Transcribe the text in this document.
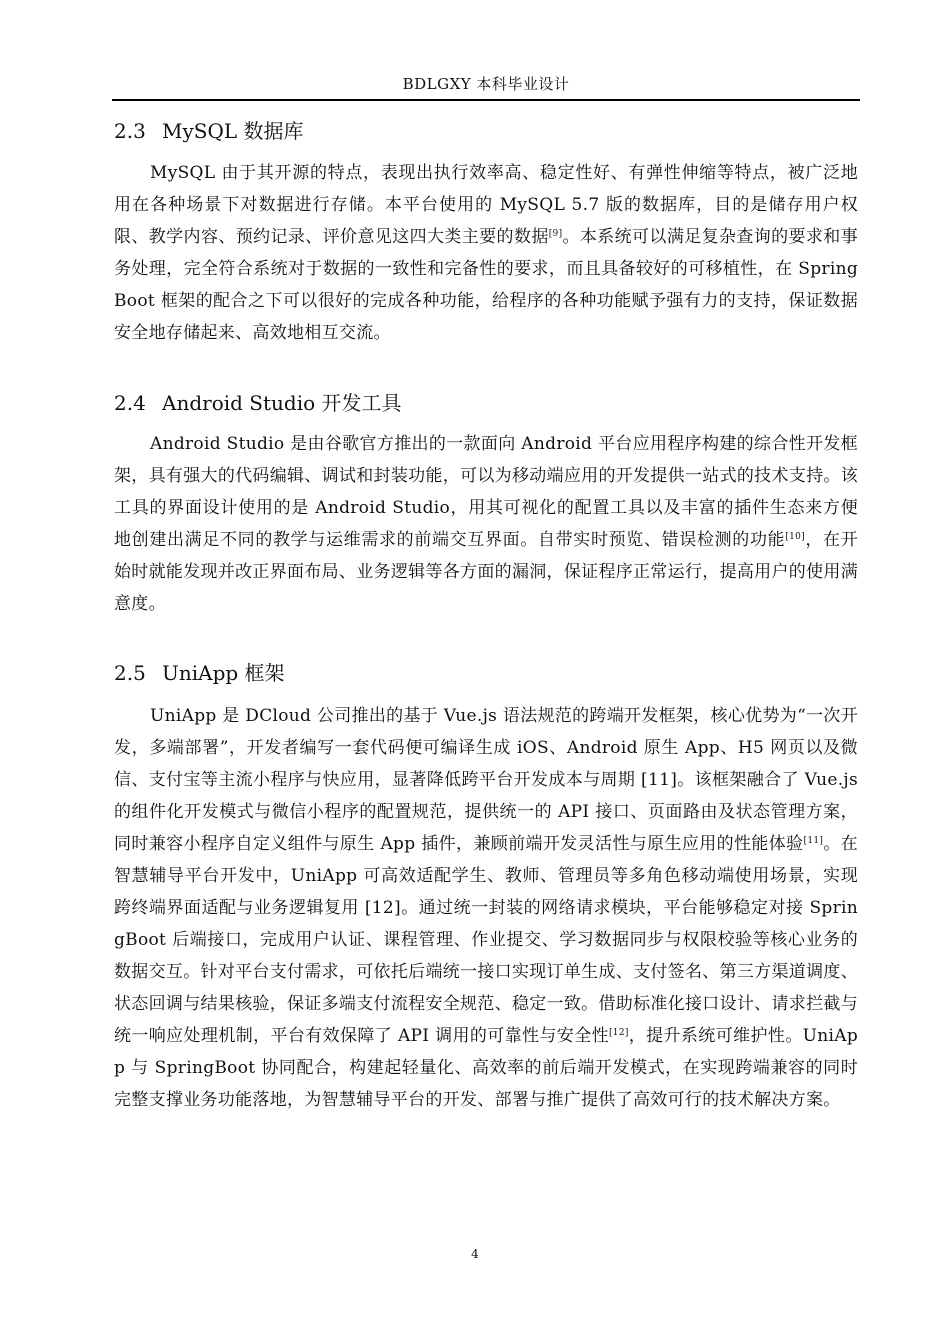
BDLGXY 本科毕业设计
2.3 MySQL 数据库

MySQL 由于其开源的特点，表现出执行效率高、稳定性好、有弹性伸缩等特点，被广泛地用在各种场景下对数据进行存储。本平台使用的 MySQL 5.7 版的数据库，目的是储存用户权限、教学内容、预约记录、评价意见这四大类主要的数据[9]。本系统可以满足复杂查询的要求和事务处理，完全符合系统对于数据的一致性和完备性的要求，而且具备较好的可移植性，在 SpringBoot 框架的配合之下可以很好的完成各种功能，给程序的各种功能赋予强有力的支持，保证数据安全地存储起来、高效地相互交流。

2.4 Android Studio 开发工具

Android Studio 是由谷歌官方推出的一款面向 Android 平台应用程序构建的综合性开发框架，具有强大的代码编辑、调试和封装功能，可以为移动端应用的开发提供一站式的技术支持。该工具的界面设计使用的是 Android Studio，用其可视化的配置工具以及丰富的插件生态来方便地创建出满足不同的教学与运维需求的前端交互界面。自带实时预览、错误检测的功能[10]，在开始时就能发现并改正界面布局、业务逻辑等各方面的漏洞，保证程序正常运行，提高用户的使用满意度。

2.5 UniApp 框架

UniApp 是 DCloud 公司推出的基于 Vue.js 语法规范的跨端开发框架，核心优势为“一次开发，多端部署”，开发者编写一套代码便可编译生成 iOS、Android 原生 App、H5 网页以及微信、支付宝等主流小程序与快应用，显著降低跨平台开发成本与周期 [11]。该框架融合了 Vue.js 的组件化开发模式与微信小程序的配置规范，提供统一的 API 接口、页面路由及状态管理方案，同时兼容小程序自定义组件与原生 App 插件，兼顾前端开发灵活性与原生应用的性能体验[11]。在智慧辅导平台开发中，UniApp 可高效适配学生、教师、管理员等多角色移动端使用场景，实现跨终端界面适配与业务逻辑复用 [12]。通过统一封装的网络请求模块，平台能够稳定对接 SpringBoot 后端接口，完成用户认证、课程管理、作业提交、学习数据同步与权限校验等核心业务的数据交互。针对平台支付需求，可依托后端统一接口实现订单生成、支付签名、第三方渠道调度、状态回调与结果核验，保证多端支付流程安全规范、稳定一致。借助标准化接口设计、请求拦截与统一响应处理机制，平台有效保障了 API 调用的可靠性与安全性[12]，提升系统可维护性。UniApp 与 SpringBoot 协同配合，构建起轻量化、高效率的前后端开发模式，在实现跨端兼容的同时完整支撑业务功能落地，为智慧辅导平台的开发、部署与推广提供了高效可行的技术解决方案。

4
